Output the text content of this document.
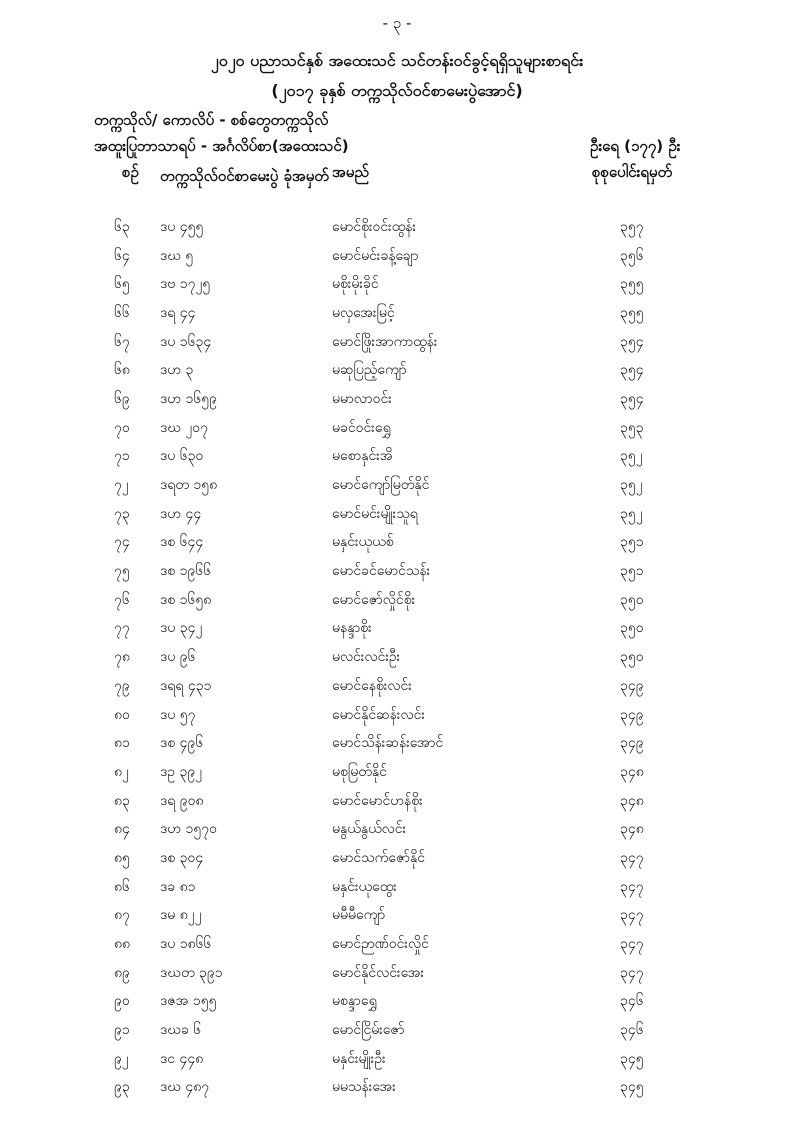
- ၃ -
၂၀၂၀ ပညာသင်နှစ် အထေးသင် သင်တန်းဝင်ခွင့်ရရှိသူများစာရင်း
(၂၀၁၇ ခုနှစ် တက္ကသိုလ်ဝင်စာမေးပွဲအောင်)
တက္ကသိုလ်/ ကောလိပ် - စစ်တွေတက္ကသိုလ်
အထူးပြုဘာသာရပ် - အင်္ဂလိပ်စာ(အထေးသင်)	ဦးရေ (၁၇၇) ဦး
စဉ် တက္ကသိုလ်ဝင်စာမေးပွဲ ခုံအမှတ် အမည်	စုစုပေါင်းရမှတ်
၆၃	ဒပ ၄၅၅	မောင်စိုးဝင်းထွန်း	၃၅၇
၆၄	ဒဃ ၅	မောင်မင်းခန့်ချော	၃၅၆
၆၅	ဒဗ ၁၇၂၅	မစိုးမိုးခိုင်	၃၅၅
၆၆	ဒရ ၄၄	မလှအေးမြင့်	၃၅၅
၆၇	ဒပ ၁၆၃၄	မောင်ဖြိုးအာကာထွန်း	၃၅၄
၆၈	ဒဟ ၃	မဆုပြည့်ကျော်	၃၅၄
၆၉	ဒဟ ၁၆၅၉	မမာလာဝင်း	၃၅၄
၇၀	ဒဃ ၂၀၇	မခင်ဝင်းရွှေ	၃၅၃
၇၁	ဒပ ၆၃၀	မစောနှင်းအိ	၃၅၂
၇၂	ဒရတ ၁၅၈	မောင်ကျော်မြတ်နိုင်	၃၅၂
၇၃	ဒဟ ၄၄	မောင်မင်းမျိုးသူရ	၃၅၂
၇၄	ဒစ ၆၄၄	မနှင်းယုယစ်	၃၅၁
၇၅	ဒစ ၁၉၆၆	မောင်ခင်မောင်သန်း	၃၅၁
၇၆	ဒစ ၁၆၅၈	မောင်ဇော်လှိုင်စိုး	၃၅၀
၇၇	ဒပ ၃၄၂	မနန္ဒာစိုး	၃၅၀
၇၈	ဒပ ၉၆	မလင်းလင်းဦး	၃၅၀
၇၉	ဒရရ ၄၃၁	မောင်နေစိုးလင်း	၃၄၉
၈၀	ဒပ ၅၇	မောင်နိုင်ဆန်းလင်း	၃၄၉
၈၁	ဒစ ၄၉၆	မောင်သိန်းဆန်းအောင်	၃၄၉
၈၂	ဒဥ ၃၉၂	မစုမြတ်နိုင်	၃၄၈
၈၃	ဒရ ၉၀၈	မောင်မောင်ဟန်စိုး	၃၄၈
၈၄	ဒဟ ၁၅၇၀	မနွယ်နွယ်လင်း	၃၄၈
၈၅	ဒစ ၃၀၄	မောင်သက်ဇော်နိုင်	၃၄၇
၈၆	ဒခ ၈၁	မနှင်းယုထွေး	၃၄၇
၈၇	ဒမ ၈၂၂	မမီမီကျော်	၃၄၇
၈၈	ဒပ ၁၈၆၆	မောင်ဉာဏ်ဝင်းလှိုင်	၃၄၇
၈၉	ဒဃတ ၃၉၁	မောင်နိုင်လင်းအေး	၃၄၇
၉၀	ဒဇအ ၁၅၅	မစန္ဒာရွှေ	၃၄၆
၉၁	ဒဃခ ၆	မောင်ငြိမ်းဇော်	၃၄၆
၉၂	ဒင ၄၄၈	မနှင်းမျိုးဦး	၃၄၅
၉၃	ဒဃ ၄၈၇	မမသန်းအေး	၃၄၅
